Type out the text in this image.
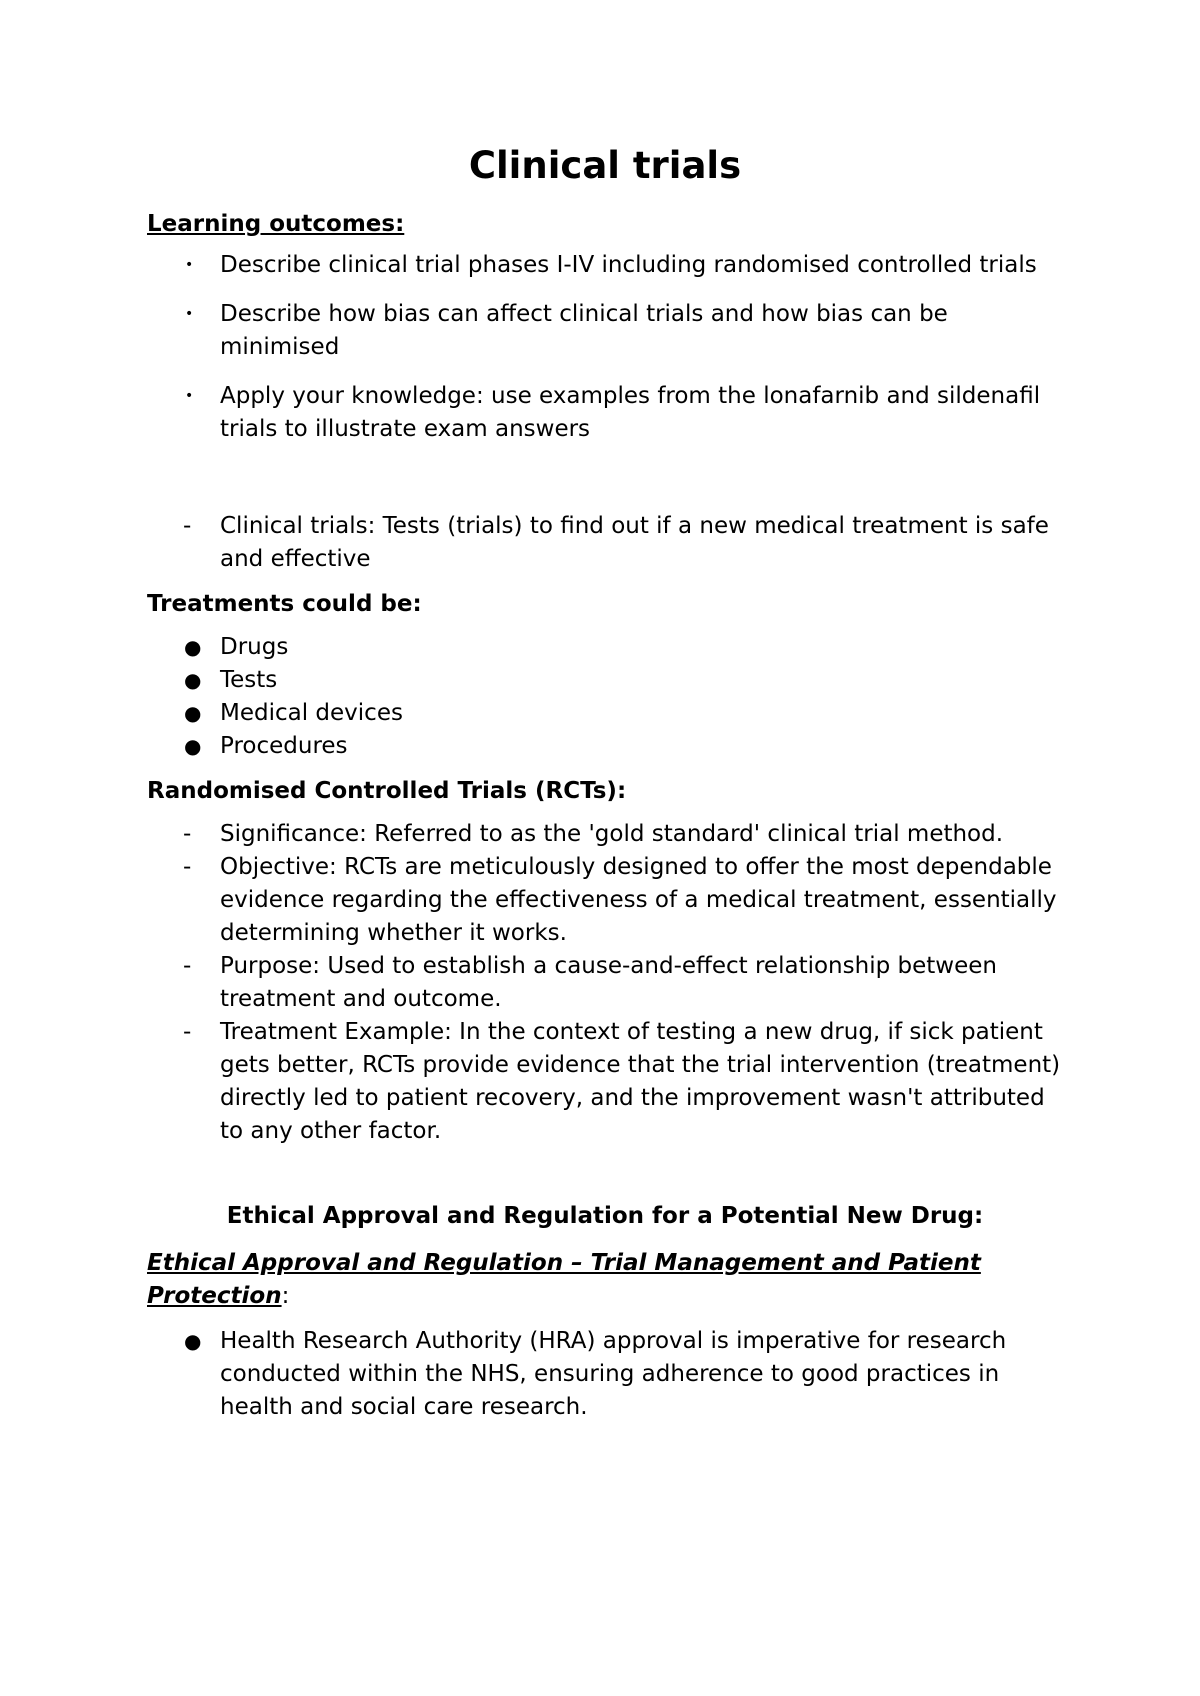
Clinical trials
Learning outcomes:
•	Describe clinical trial phases I-IV including randomised controlled trials
•	Describe how bias can affect clinical trials and how bias can be minimised
•	Apply your knowledge: use examples from the lonafarnib and sildenafil trials to illustrate exam answers
-	Clinical trials: Tests (trials) to find out if a new medical treatment is safe and effective
Treatments could be:
● Drugs
● Tests
● Medical devices
● Procedures
Randomised Controlled Trials (RCTs):
-	Significance: Referred to as the 'gold standard' clinical trial method.
-	Objective: RCTs are meticulously designed to offer the most dependable evidence regarding the effectiveness of a medical treatment, essentially determining whether it works.
-	Purpose: Used to establish a cause-and-effect relationship between treatment and outcome.
-	Treatment Example: In the context of testing a new drug, if sick patient gets better, RCTs provide evidence that the trial intervention (treatment) directly led to patient recovery, and the improvement wasn't attributed to any other factor.
Ethical Approval and Regulation for a Potential New Drug:
Ethical Approval and Regulation – Trial Management and Patient Protection:
● Health Research Authority (HRA) approval is imperative for research conducted within the NHS, ensuring adherence to good practices in health and social care research.
